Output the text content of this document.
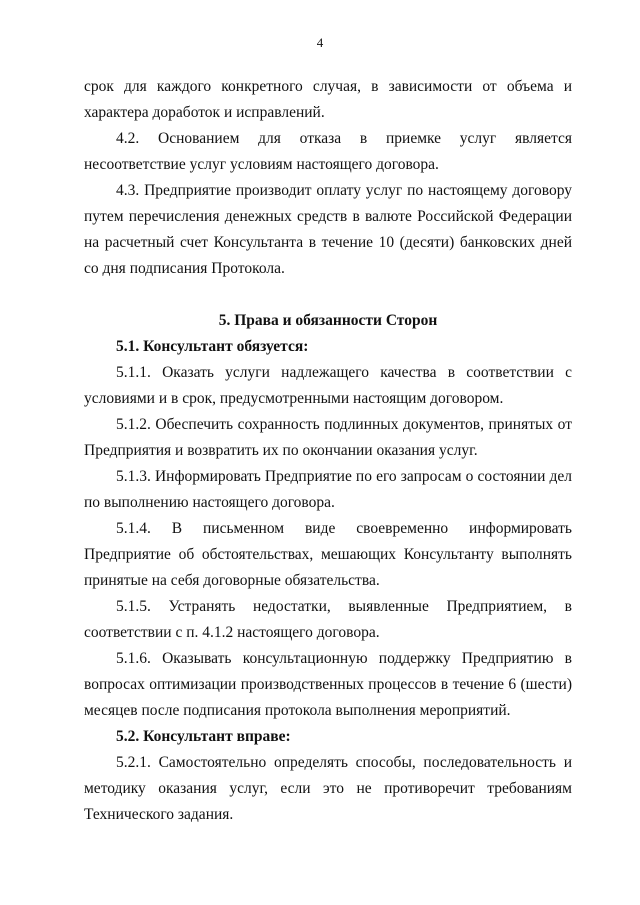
4

срок для каждого конкретного случая, в зависимости от объема и характера доработок и исправлений.

4.2. Основанием для отказа в приемке услуг является несоответствие услуг условиям настоящего договора.

4.3. Предприятие производит оплату услуг по настоящему договору путем перечисления денежных средств в валюте Российской Федерации на расчетный счет Консультанта в течение 10 (десяти) банковских дней со дня подписания Протокола.

5. Права и обязанности Сторон

5.1. Консультант обязуется:

5.1.1. Оказать услуги надлежащего качества в соответствии с условиями и в срок, предусмотренными настоящим договором.

5.1.2. Обеспечить сохранность подлинных документов, принятых от Предприятия и возвратить их по окончании оказания услуг.

5.1.3. Информировать Предприятие по его запросам о состоянии дел по выполнению настоящего договора.

5.1.4. В письменном виде своевременно информировать Предприятие об обстоятельствах, мешающих Консультанту выполнять принятые на себя договорные обязательства.

5.1.5. Устранять недостатки, выявленные Предприятием, в соответствии с п. 4.1.2 настоящего договора.

5.1.6. Оказывать консультационную поддержку Предприятию в вопросах оптимизации производственных процессов в течение 6 (шести) месяцев после подписания протокола выполнения мероприятий.

5.2. Консультант вправе:

5.2.1. Самостоятельно определять способы, последовательность и методику оказания услуг, если это не противоречит требованиям Технического задания.
